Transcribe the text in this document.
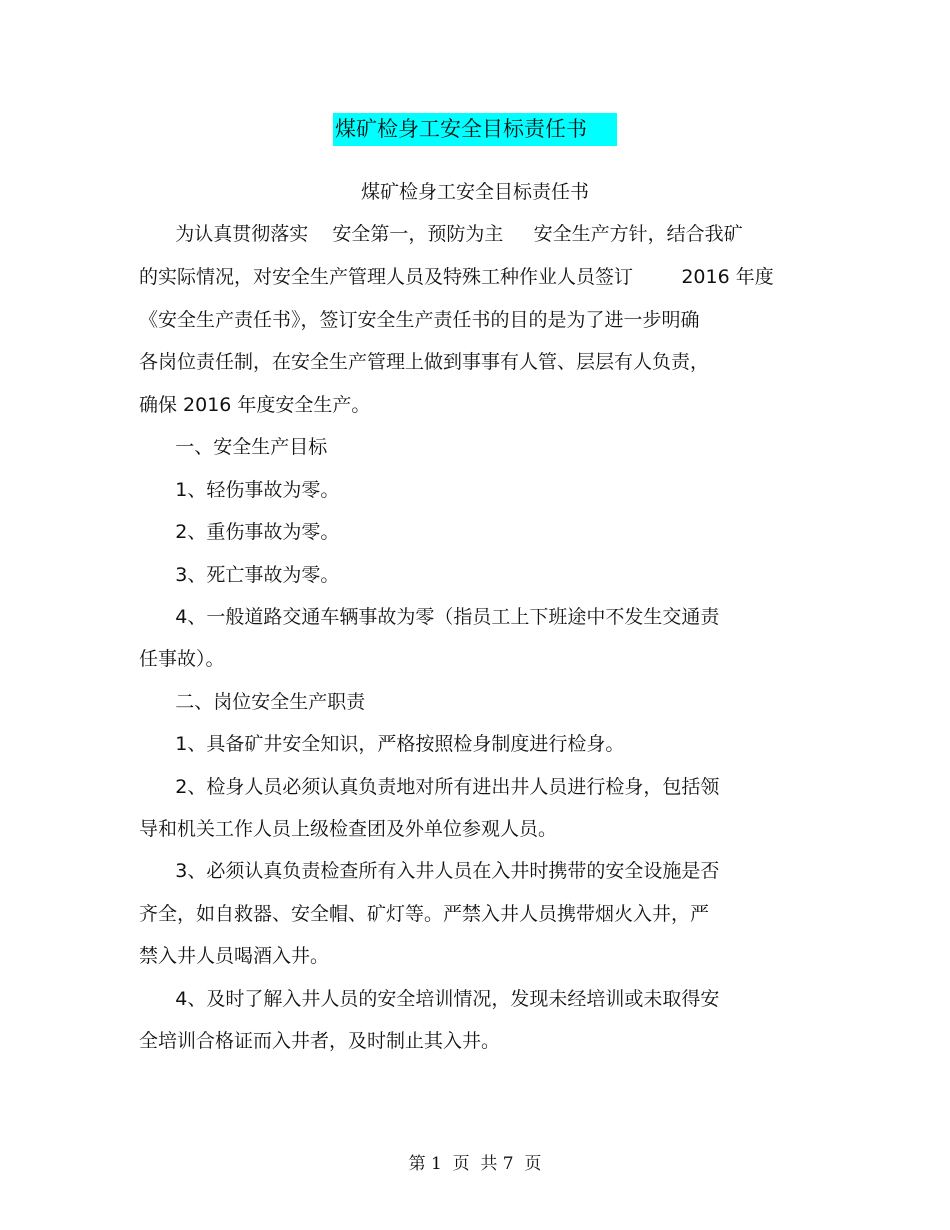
煤矿检身工安全目标责任书
煤矿检身工安全目标责任书
为认真贯彻落实    安全第一，预防为主     安全生产方针，结合我矿
的实际情况，对安全生产管理人员及特殊工种作业人员签订        2016 年度
《安全生产责任书》，签订安全生产责任书的目的是为了进一步明确
各岗位责任制，在安全生产管理上做到事事有人管、层层有人负责，
确保 2016 年度安全生产。
一、安全生产目标
1、轻伤事故为零。
2、重伤事故为零。
3、死亡事故为零。
4、一般道路交通车辆事故为零（指员工上下班途中不发生交通责
任事故）。
二、岗位安全生产职责
1、具备矿井安全知识，严格按照检身制度进行检身。
2、检身人员必须认真负责地对所有进出井人员进行检身，包括领
导和机关工作人员上级检查团及外单位参观人员。
3、必须认真负责检查所有入井人员在入井时携带的安全设施是否
齐全，如自救器、安全帽、矿灯等。严禁入井人员携带烟火入井，严
禁入井人员喝酒入井。
4、及时了解入井人员的安全培训情况，发现未经培训或未取得安
全培训合格证而入井者，及时制止其入井。
第 1  页  共 7  页
